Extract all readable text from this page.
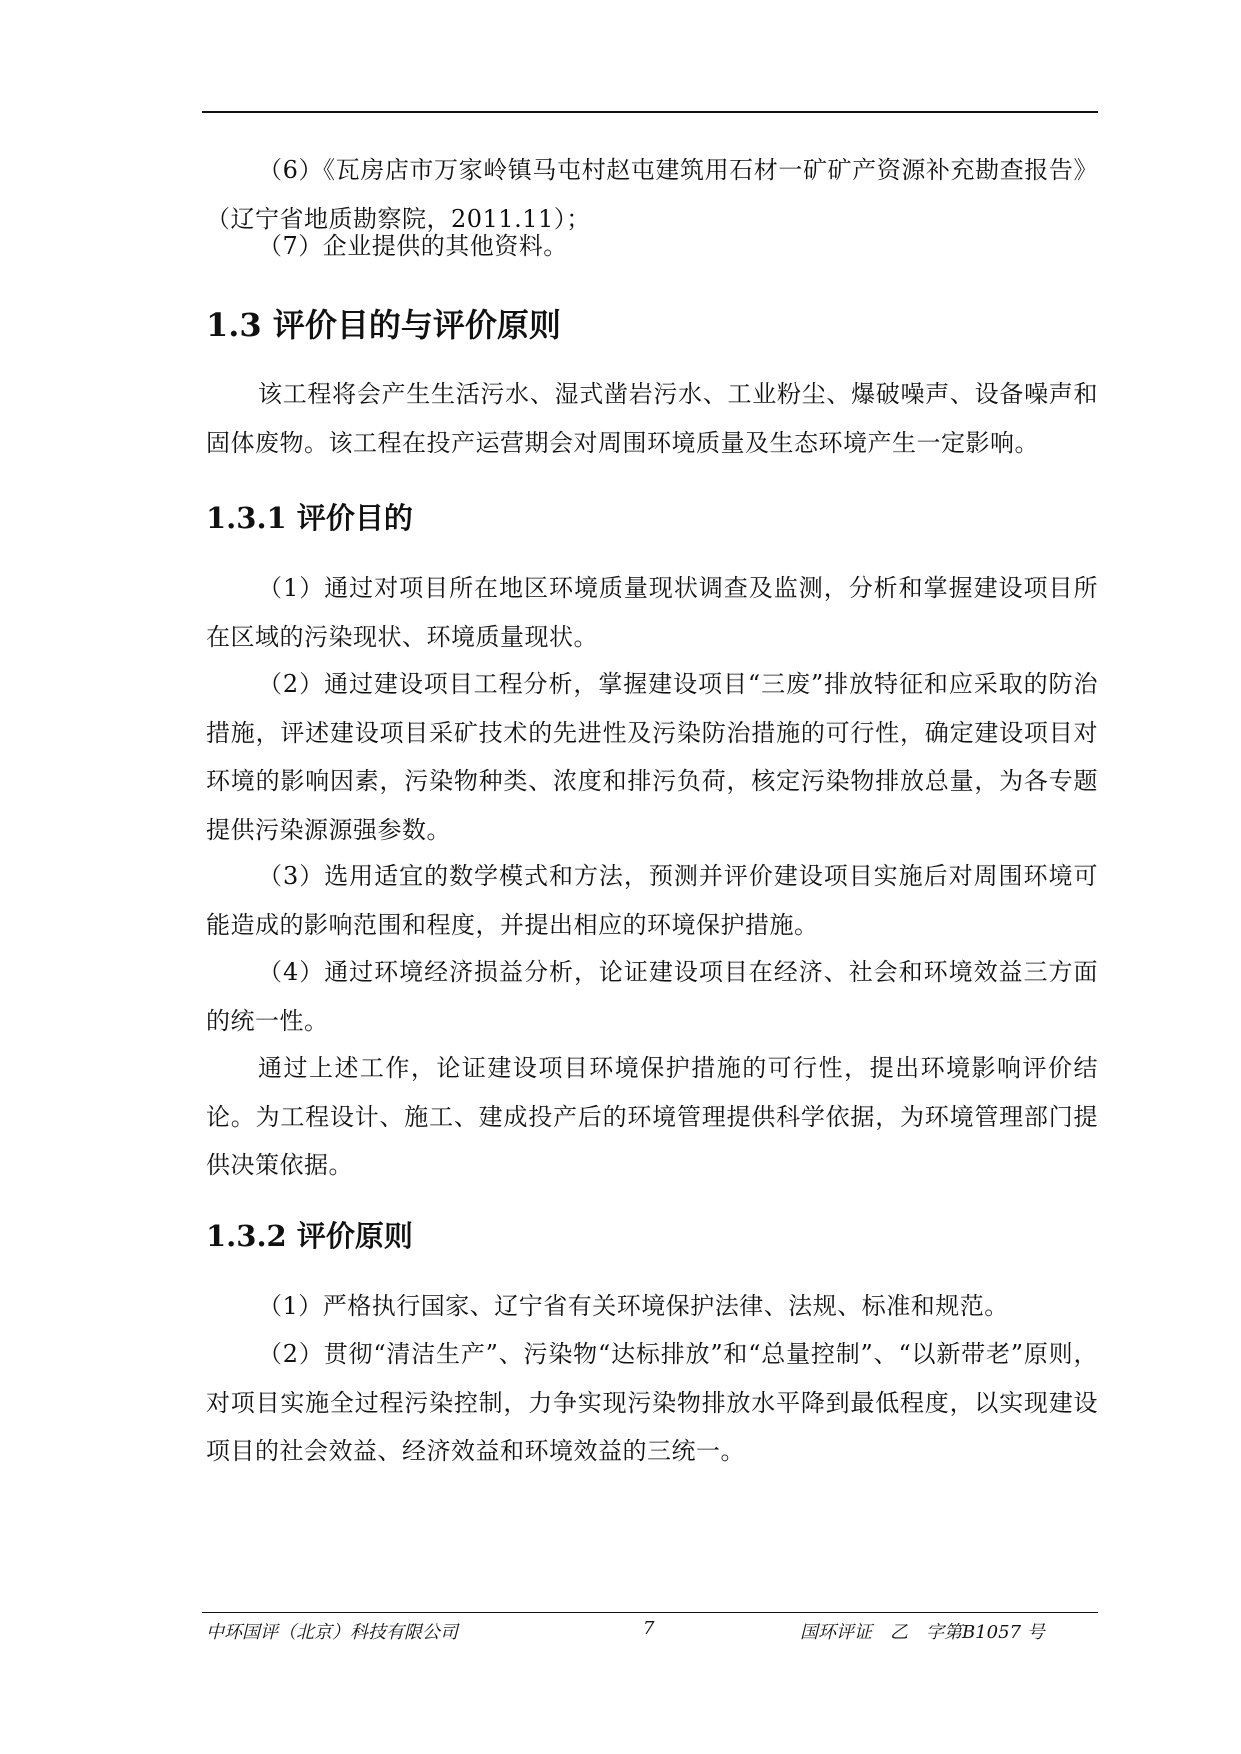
（6）《瓦房店市万家岭镇马屯村赵屯建筑用石材一矿矿产资源补充勘查报告》（辽宁省地质勘察院，2011.11）；
（7）企业提供的其他资料。
1.3 评价目的与评价原则
该工程将会产生生活污水、湿式凿岩污水、工业粉尘、爆破噪声、设备噪声和固体废物。该工程在投产运营期会对周围环境质量及生态环境产生一定影响。
1.3.1 评价目的
（1）通过对项目所在地区环境质量现状调查及监测，分析和掌握建设项目所在区域的污染现状、环境质量现状。
（2）通过建设项目工程分析，掌握建设项目“三废”排放特征和应采取的防治措施，评述建设项目采矿技术的先进性及污染防治措施的可行性，确定建设项目对环境的影响因素，污染物种类、浓度和排污负荷，核定污染物排放总量，为各专题提供污染源源强参数。
（3）选用适宜的数学模式和方法，预测并评价建设项目实施后对周围环境可能造成的影响范围和程度，并提出相应的环境保护措施。
（4）通过环境经济损益分析，论证建设项目在经济、社会和环境效益三方面的统一性。
通过上述工作，论证建设项目环境保护措施的可行性，提出环境影响评价结论。为工程设计、施工、建成投产后的环境管理提供科学依据，为环境管理部门提供决策依据。
1.3.2 评价原则
（1）严格执行国家、辽宁省有关环境保护法律、法规、标准和规范。
（2）贯彻“清洁生产”、污染物“达标排放”和“总量控制”、“以新带老”原则，对项目实施全过程污染控制，力争实现污染物排放水平降到最低程度，以实现建设项目的社会效益、经济效益和环境效益的三统一。
中环国评（北京）科技有限公司	7	国环评证　乙　字第B1057 号
